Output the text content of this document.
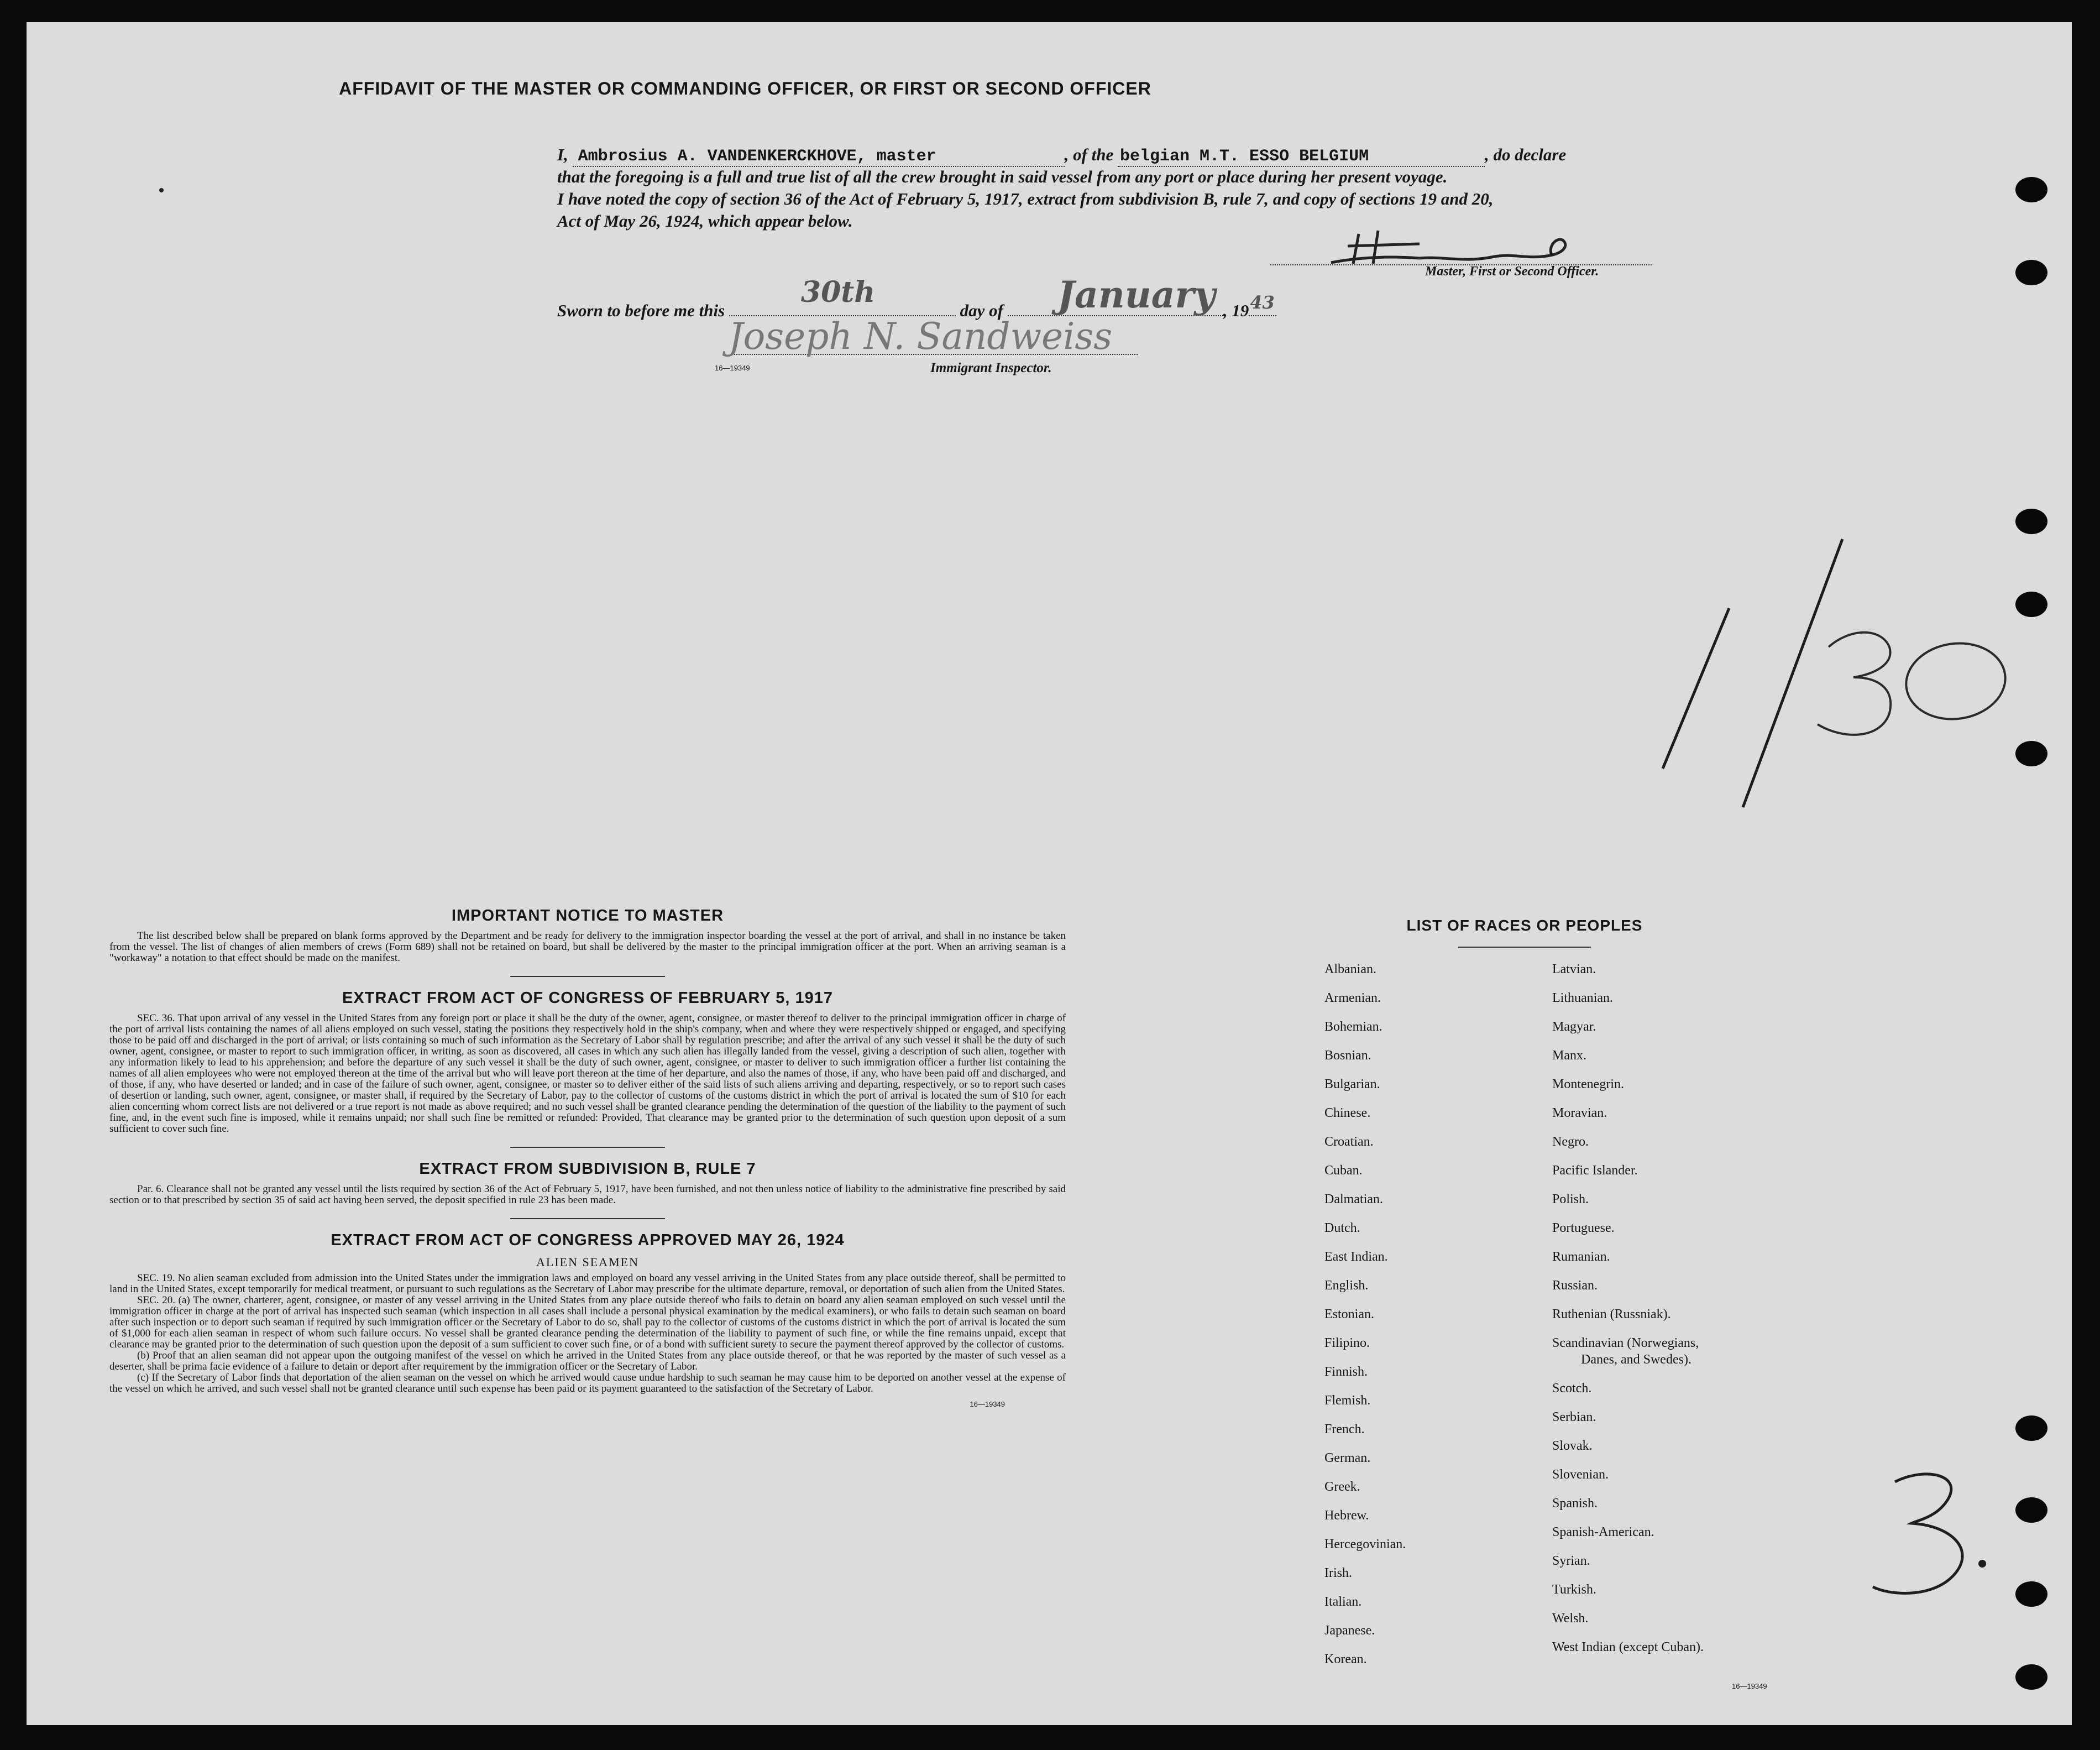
AFFIDAVIT OF THE MASTER OR COMMANDING OFFICER, OR FIRST OR SECOND OFFICER
I, Ambrosius A. VANDENKERCKHOVE, master	, of the belgian M.T. ESSO BELGIUM	, do declare
that the foregoing is a full and true list of all the crew brought in said vessel from any port or place during her present voyage.
I have noted the copy of section 36 of the Act of February 5, 1917, extract from subdivision B, rule 7, and copy of sections 19 and 20,
Act of May 26, 1924, which appear below.
Master, First or Second Officer.
Sworn to before me this
30th
day of January , 19 43
Joseph N. Sandweiss
16—19349	Immigrant Inspector.
IMPORTANT NOTICE TO MASTER

The list described below shall be prepared on blank forms approved by the Department and be ready for delivery to the immigration inspector boarding the vessel at the port of arrival, and shall in no instance be taken from the vessel. The list of changes of alien members of crews (Form 689) shall not be retained on board, but shall be delivered by the master to the principal immigration officer at the port. When an arriving seaman is a "workaway" a notation to that effect should be made on the manifest.

EXTRACT FROM ACT OF CONGRESS OF FEBRUARY 5, 1917

SEC. 36. That upon arrival of any vessel in the United States from any foreign port or place it shall be the duty of the owner, agent, consignee, or master thereof to deliver to the principal immigration officer in charge of the port of arrival lists containing the names of all aliens employed on such vessel, stating the positions they respectively hold in the ship's company, when and where they were respectively shipped or engaged, and specifying those to be paid off and discharged in the port of arrival; or lists containing so much of such information as the Secretary of Labor shall by regulation prescribe; and after the arrival of any such vessel it shall be the duty of such owner, agent, consignee, or master to report to such immigration officer, in writing, as soon as discovered, all cases in which any such alien has illegally landed from the vessel, giving a description of such alien, together with any information likely to lead to his apprehension; and before the departure of any such vessel it shall be the duty of such owner, agent, consignee, or master to deliver to such immigration officer a further list containing the names of all alien employees who were not employed thereon at the time of the arrival but who will leave port thereon at the time of her departure, and also the names of those, if any, who have been paid off and discharged, and of those, if any, who have deserted or landed; and in case of the failure of such owner, agent, consignee, or master so to deliver either of the said lists of such aliens arriving and departing, respectively, or so to report such cases of desertion or landing, such owner, agent, consignee, or master shall, if required by the Secretary of Labor, pay to the collector of customs of the customs district in which the port of arrival is located the sum of $10 for each alien concerning whom correct lists are not delivered or a true report is not made as above required; and no such vessel shall be granted clearance pending the determination of the question of the liability to the payment of such fine, and, in the event such fine is imposed, while it remains unpaid; nor shall such fine be remitted or refunded: Provided, That clearance may be granted prior to the determination of such question upon deposit of a sum sufficient to cover such fine.

EXTRACT FROM SUBDIVISION B, RULE 7

Par. 6. Clearance shall not be granted any vessel until the lists required by section 36 of the Act of February 5, 1917, have been furnished, and not then unless notice of liability to the administrative fine prescribed by said section or to that prescribed by section 35 of said act having been served, the deposit specified in rule 23 has been made.

EXTRACT FROM ACT OF CONGRESS APPROVED MAY 26, 1924
ALIEN SEAMEN

SEC. 19. No alien seaman excluded from admission into the United States under the immigration laws and employed on board any vessel arriving in the United States from any place outside thereof, shall be permitted to land in the United States, except temporarily for medical treatment, or pursuant to such regulations as the Secretary of Labor may prescribe for the ultimate departure, removal, or deportation of such alien from the United States.

SEC. 20. (a) The owner, charterer, agent, consignee, or master of any vessel arriving in the United States from any place outside thereof who fails to detain on board any alien seaman employed on such vessel until the immigration officer in charge at the port of arrival has inspected such seaman (which inspection in all cases shall include a personal physical examination by the medical examiners), or who fails to detain such seaman on board after such inspection or to deport such seaman if required by such immigration officer or the Secretary of Labor to do so, shall pay to the collector of customs of the customs district in which the port of arrival is located the sum of $1,000 for each alien seaman in respect of whom such failure occurs. No vessel shall be granted clearance pending the determination of the liability to payment of such fine, or while the fine remains unpaid, except that clearance may be granted prior to the determination of such question upon the deposit of a sum sufficient to cover such fine, or of a bond with sufficient surety to secure the payment thereof approved by the collector of customs.

(b) Proof that an alien seaman did not appear upon the outgoing manifest of the vessel on which he arrived in the United States from any place outside thereof, or that he was reported by the master of such vessel as a deserter, shall be prima facie evidence of a failure to detain or deport after requirement by the immigration officer or the Secretary of Labor.

(c) If the Secretary of Labor finds that deportation of the alien seaman on the vessel on which he arrived would cause undue hardship to such seaman he may cause him to be deported on another vessel at the expense of the vessel on which he arrived, and such vessel shall not be granted clearance until such expense has been paid or its payment guaranteed to the satisfaction of the Secretary of Labor.

16—19349
LIST OF RACES OR PEOPLES
16—19349
Albanian.
Armenian.
Bohemian.
Bosnian.
Bulgarian.
Chinese.
Croatian.
Cuban.
Dalmatian.
Dutch.
East Indian.
English.
Estonian.
Filipino.
Finnish.
Flemish.
French.
German.
Greek.
Hebrew.
Hercegovinian.
Irish.
Italian.
Japanese.
Korean.
Latvian.
Lithuanian.
Magyar.
Manx.
Montenegrin.
Moravian.
Negro.
Pacific Islander.
Polish.
Portuguese.
Rumanian.
Russian.
Ruthenian (Russniak).
Scandinavian (Norwegians,
Danes, and Swedes).
Scotch.
Serbian.
Slovak.
Slovenian.
Spanish.
Spanish-American.
Syrian.
Turkish.
Welsh.
West Indian (except Cuban).
